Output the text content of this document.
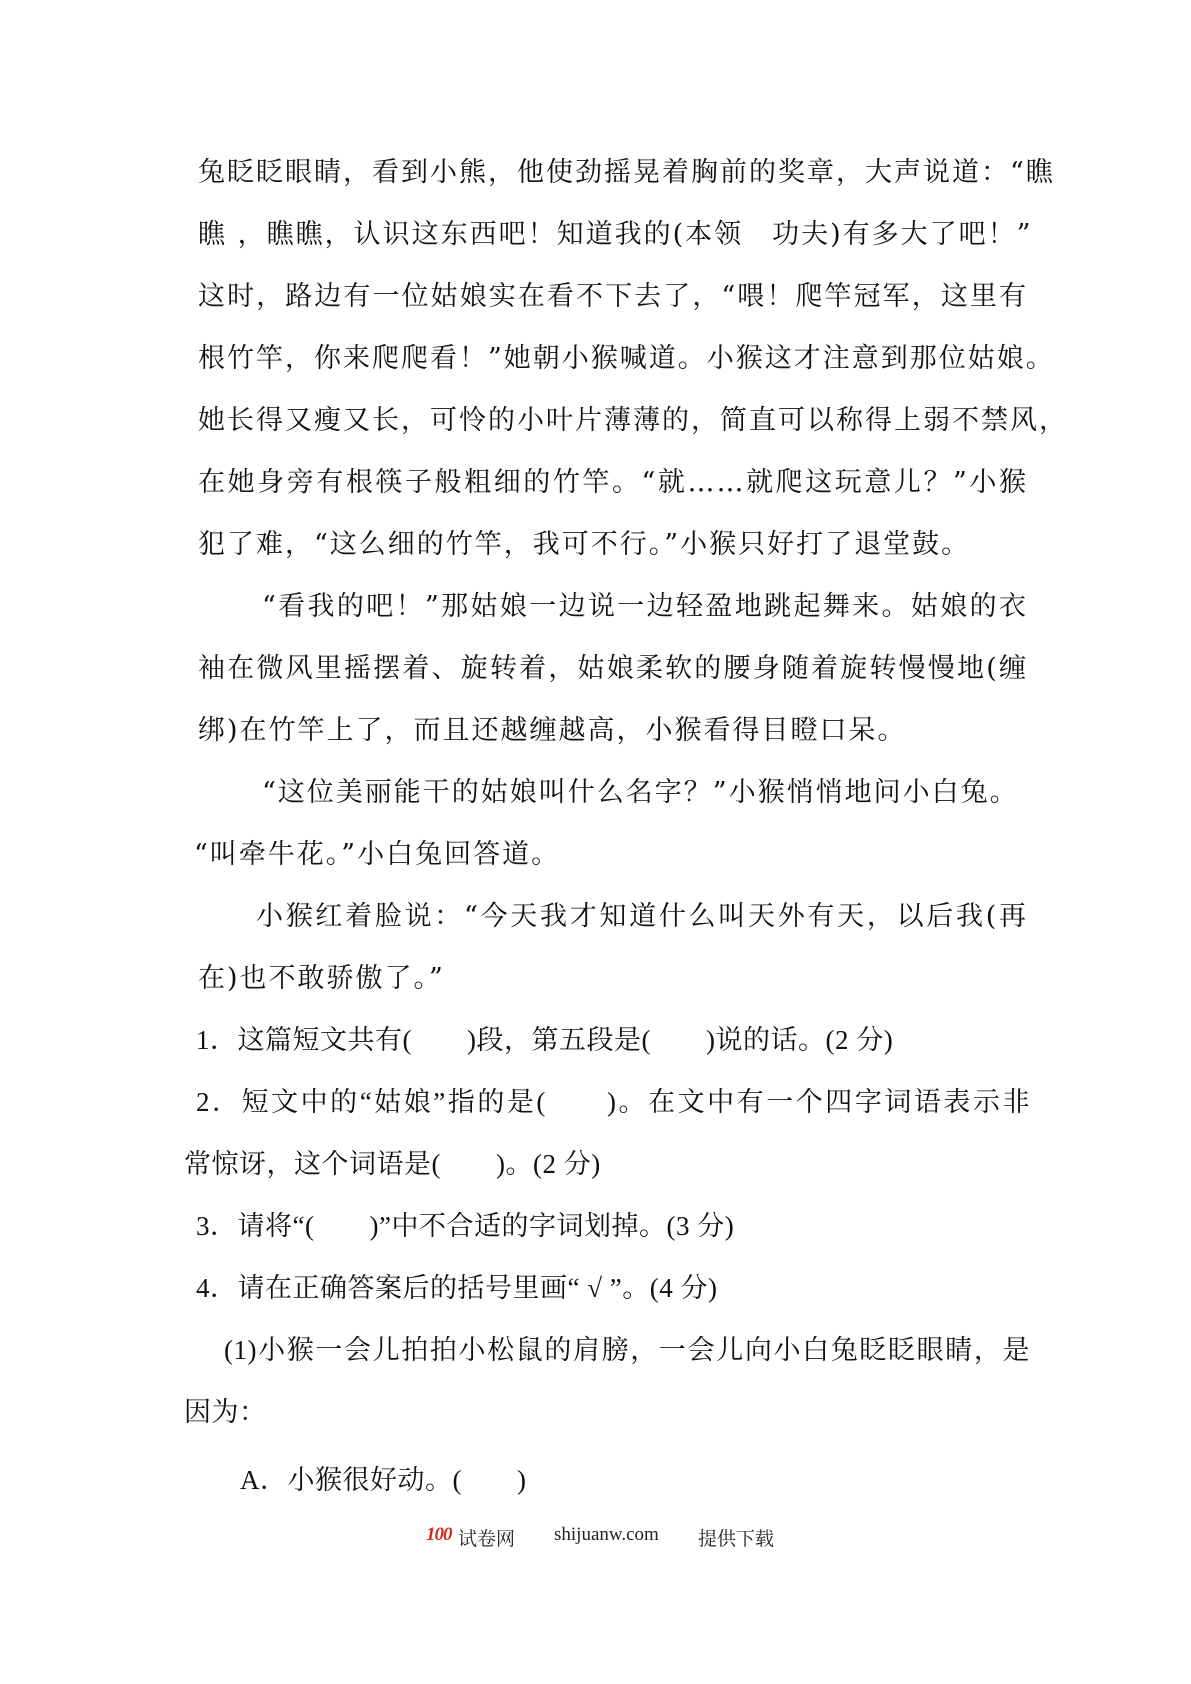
兔眨眨眼睛，看到小熊，他使劲摇晃着胸前的奖章，大声说道：“瞧
瞧 ，瞧瞧，认识这东西吧！知道我的(本领　功夫)有多大了吧！”
这时，路边有一位姑娘实在看不下去了，“喂！爬竿冠军，这里有
根竹竿，你来爬爬看！”她朝小猴喊道。小猴这才注意到那位姑娘。
她长得又瘦又长，可怜的小叶片薄薄的，简直可以称得上弱不禁风，
在她身旁有根筷子般粗细的竹竿。“就……就爬这玩意儿？”小猴
犯了难，“这么细的竹竿，我可不行。”小猴只好打了退堂鼓。
“看我的吧！”那姑娘一边说一边轻盈地跳起舞来。姑娘的衣
袖在微风里摇摆着、旋转着，姑娘柔软的腰身随着旋转慢慢地(缠
绑)在竹竿上了，而且还越缠越高，小猴看得目瞪口呆。
“这位美丽能干的姑娘叫什么名字？”小猴悄悄地问小白兔。
“叫牵牛花。”小白兔回答道。
小猴红着脸说：“今天我才知道什么叫天外有天，以后我(再
在)也不敢骄傲了。”
1．这篇短文共有(　　)段，第五段是(　　)说的话。(2 分)
2．短文中的“姑娘”指的是(　　)。在文中有一个四字词语表示非
常惊讶，这个词语是(　　)。(2 分)
3．请将“(　　)”中不合适的字词划掉。(3 分)
4．请在正确答案后的括号里画“ √ ”。(4 分)
(1)小猴一会儿拍拍小松鼠的肩膀，一会儿向小白兔眨眨眼睛，是
因为：
A．小猴很好动。(　　)
100 试卷网 shijuanw.com 提供下载
